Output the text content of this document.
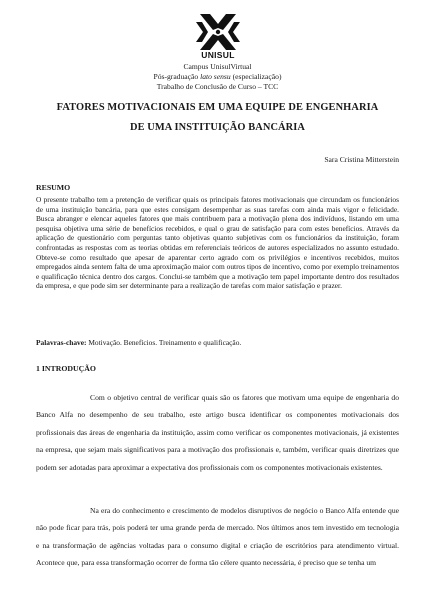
UNISUL
Campus UnisulVirtual
Pós-graduação lato sensu (especialização)
Trabalho de Conclusão de Curso – TCC
FATORES MOTIVACIONAIS EM UMA EQUIPE DE ENGENHARIA
DE UMA INSTITUIÇÃO BANCÁRIA
Sara Cristina Mitterstein
RESUMO

O presente trabalho tem a pretenção de verificar quais os principais fatores motivacionais que circundam os funcionários de uma instituição bancária, para que estes consigam desempenhar as suas tarefas com ainda mais vigor e felicidade. Busca abranger e elencar aqueles fatores que mais contribuem para a motivação plena dos indivíduos, listando em uma pesquisa objetiva uma série de benefícios recebidos, e qual o grau de satisfação para com estes benefícios. Através da aplicação de questionário com perguntas tanto objetivas quanto subjetivas com os funcionários da instituição, foram confrontadas as respostas com as teorias obtidas em referenciais teóricos de autores especializados no assunto estudado. Obteve-se como resultado que apesar de aparentar certo agrado com os privilégios e incentivos recebidos, muitos empregados ainda sentem falta de uma aproximação maior com outros tipos de incentivo, como por exemplo treinamentos e qualificação técnica dentro dos cargos. Conclui-se também que a motivação tem papel importante dentro dos resultados da empresa, e que pode sim ser determinante para a realização de tarefas com maior satisfação e prazer.

Palavras-chave: Motivação. Benefícios. Treinamento e qualificação.
1 INTRODUÇÃO

Com o objetivo central de verificar quais são os fatores que motivam uma equipe de engenharia do Banco Alfa no desempenho de seu trabalho, este artigo busca identificar os componentes motivacionais dos profissionais das áreas de engenharia da instituição, assim como verificar os componentes motivacionais, já existentes na empresa, que sejam mais significativos para a motivação dos profissionais e, também, verificar quais diretrizes que podem ser adotadas para aproximar a expectativa dos profissionais com os componentes motivacionais existentes.

Na era do conhecimento e crescimento de modelos disruptivos de negócio o Banco Alfa entende que não pode ficar para trás, pois poderá ter uma grande perda de mercado. Nos últimos anos tem investido em tecnologia e na transformação de agências voltadas para o consumo digital e criação de escritórios para atendimento virtual. Acontece que, para essa transformação ocorrer de forma tão célere quanto necessária, é preciso que se tenha um
